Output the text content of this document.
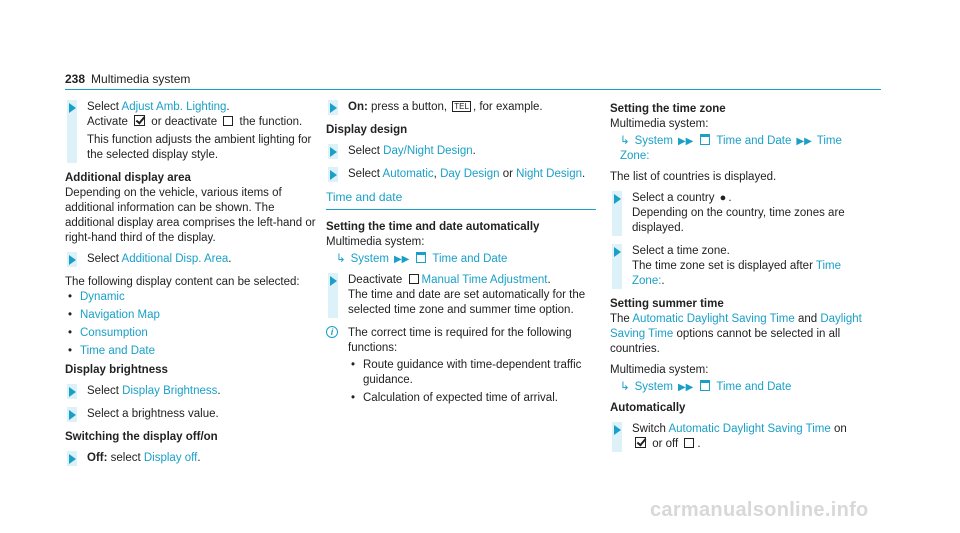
238 Multimedia system
Select Adjust Amb. Lighting.
Activate  or deactivate  the function.
This function adjusts the ambient lighting for the selected display style.
Additional display area
Depending on the vehicle, various items of additional information can be shown. The additional display area comprises the left-hand or right-hand third of the display.
Select Additional Disp. Area.
The following display content can be selected:
• Dynamic
• Navigation Map
• Consumption
• Time and Date
Display brightness
Select Display Brightness.
Select a brightness value.
Switching the display off/on
Off: select Display off.
On: press a button, TEL , for example.
Display design
Select Day/Night Design.
Select Automatic, Day Design or Night Design.
Time and date
Setting the time and date automatically
Multimedia system:
↳ System ▶▶ Time and Date
Deactivate Manual Time Adjustment.
The time and date are set automatically for the selected time zone and summer time option.
i	The correct time is required for the following functions:
• Route guidance with time-dependent traffic guidance.
• Calculation of expected time of arrival.
Setting the time zone
Multimedia system:
↳ System ▶▶ Time and Date ▶▶ Time Zone:
The list of countries is displayed.
Select a country ● .
Depending on the country, time zones are displayed.
Select a time zone.
The time zone set is displayed after Time Zone:.
Setting summer time
The Automatic Daylight Saving Time and Daylight Saving Time options cannot be selected in all countries.
Multimedia system:
↳ System ▶▶ Time and Date
Automatically
Switch Automatic Daylight Saving Time on
or off .
carmanualsonline.info
